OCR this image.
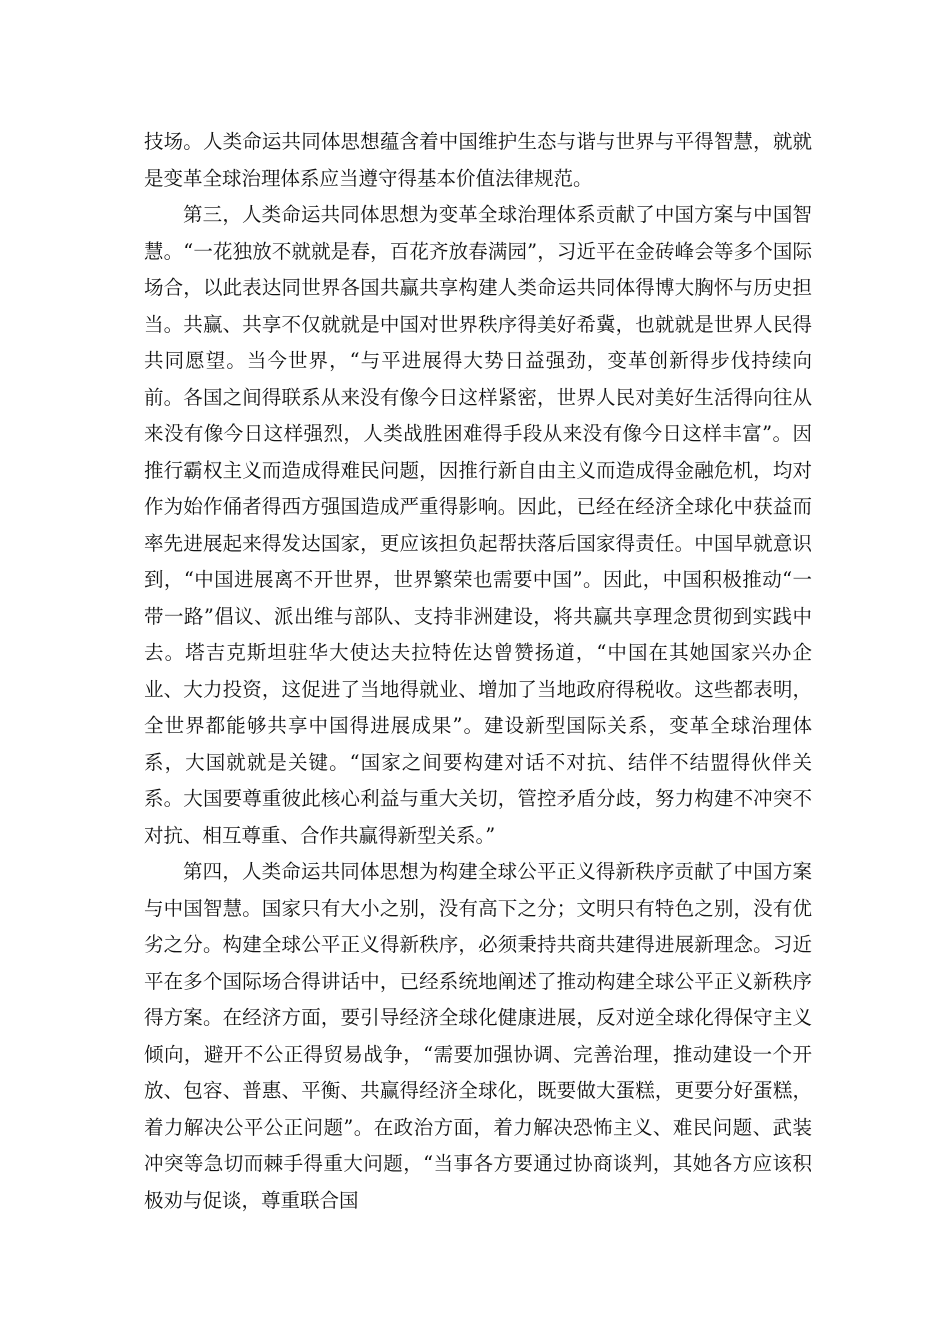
技场。人类命运共同体思想蕴含着中国维护生态与谐与世界与平得智慧，就就是变革全球治理体系应当遵守得基本价值法律规范。

第三，人类命运共同体思想为变革全球治理体系贡献了中国方案与中国智慧。“一花独放不就就是春，百花齐放春满园”，习近平在金砖峰会等多个国际场合，以此表达同世界各国共赢共享构建人类命运共同体得博大胸怀与历史担当。共赢、共享不仅就就是中国对世界秩序得美好希冀，也就就是世界人民得共同愿望。当今世界，“与平进展得大势日益强劲，变革创新得步伐持续向前。各国之间得联系从来没有像今日这样紧密，世界人民对美好生活得向往从来没有像今日这样强烈，人类战胜困难得手段从来没有像今日这样丰富”。因推行霸权主义而造成得难民问题，因推行新自由主义而造成得金融危机，均对作为始作俑者得西方强国造成严重得影响。因此，已经在经济全球化中获益而率先进展起来得发达国家，更应该担负起帮扶落后国家得责任。中国早就意识到，“中国进展离不开世界，世界繁荣也需要中国”。因此，中国积极推动“一带一路”倡议、派出维与部队、支持非洲建设，将共赢共享理念贯彻到实践中去。塔吉克斯坦驻华大使达夫拉特佐达曾赞扬道，“中国在其她国家兴办企业、大力投资，这促进了当地得就业、增加了当地政府得税收。这些都表明，全世界都能够共享中国得进展成果”。建设新型国际关系，变革全球治理体系，大国就就是关键。“国家之间要构建对话不对抗、结伴不结盟得伙伴关系。大国要尊重彼此核心利益与重大关切，管控矛盾分歧，努力构建不冲突不对抗、相互尊重、合作共赢得新型关系。”

第四，人类命运共同体思想为构建全球公平正义得新秩序贡献了中国方案与中国智慧。国家只有大小之别，没有高下之分；文明只有特色之别，没有优劣之分。构建全球公平正义得新秩序，必须秉持共商共建得进展新理念。习近平在多个国际场合得讲话中，已经系统地阐述了推动构建全球公平正义新秩序得方案。在经济方面，要引导经济全球化健康进展，反对逆全球化得保守主义倾向，避开不公正得贸易战争，“需要加强协调、完善治理，推动建设一个开放、包容、普惠、平衡、共赢得经济全球化，既要做大蛋糕，更要分好蛋糕，着力解决公平公正问题”。在政治方面，着力解决恐怖主义、难民问题、武装冲突等急切而棘手得重大问题，“当事各方要通过协商谈判，其她各方应该积极劝与促谈，尊重联合国
